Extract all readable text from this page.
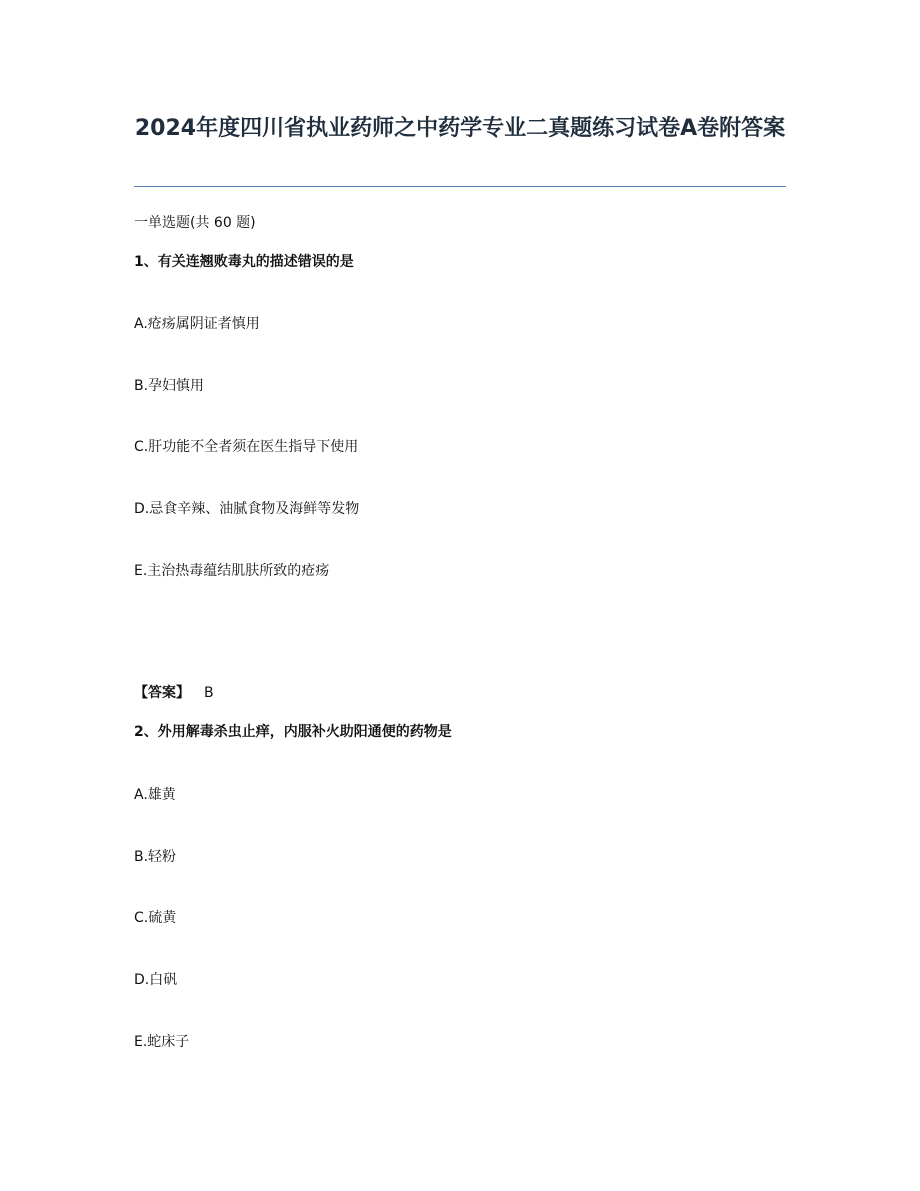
2024年度四川省执业药师之中药学专业二真题练习试卷A卷附答案
一单选题(共 60 题)
1、有关连翘败毒丸的描述错误的是
A.疮疡属阴证者慎用
B.孕妇慎用
C.肝功能不全者须在医生指导下使用
D.忌食辛辣、油腻食物及海鲜等发物
E.主治热毒蕴结肌肤所致的疮疡
【答案】 B
2、外用解毒杀虫止痒，内服补火助阳通便的药物是
A.雄黄
B.轻粉
C.硫黄
D.白矾
E.蛇床子
